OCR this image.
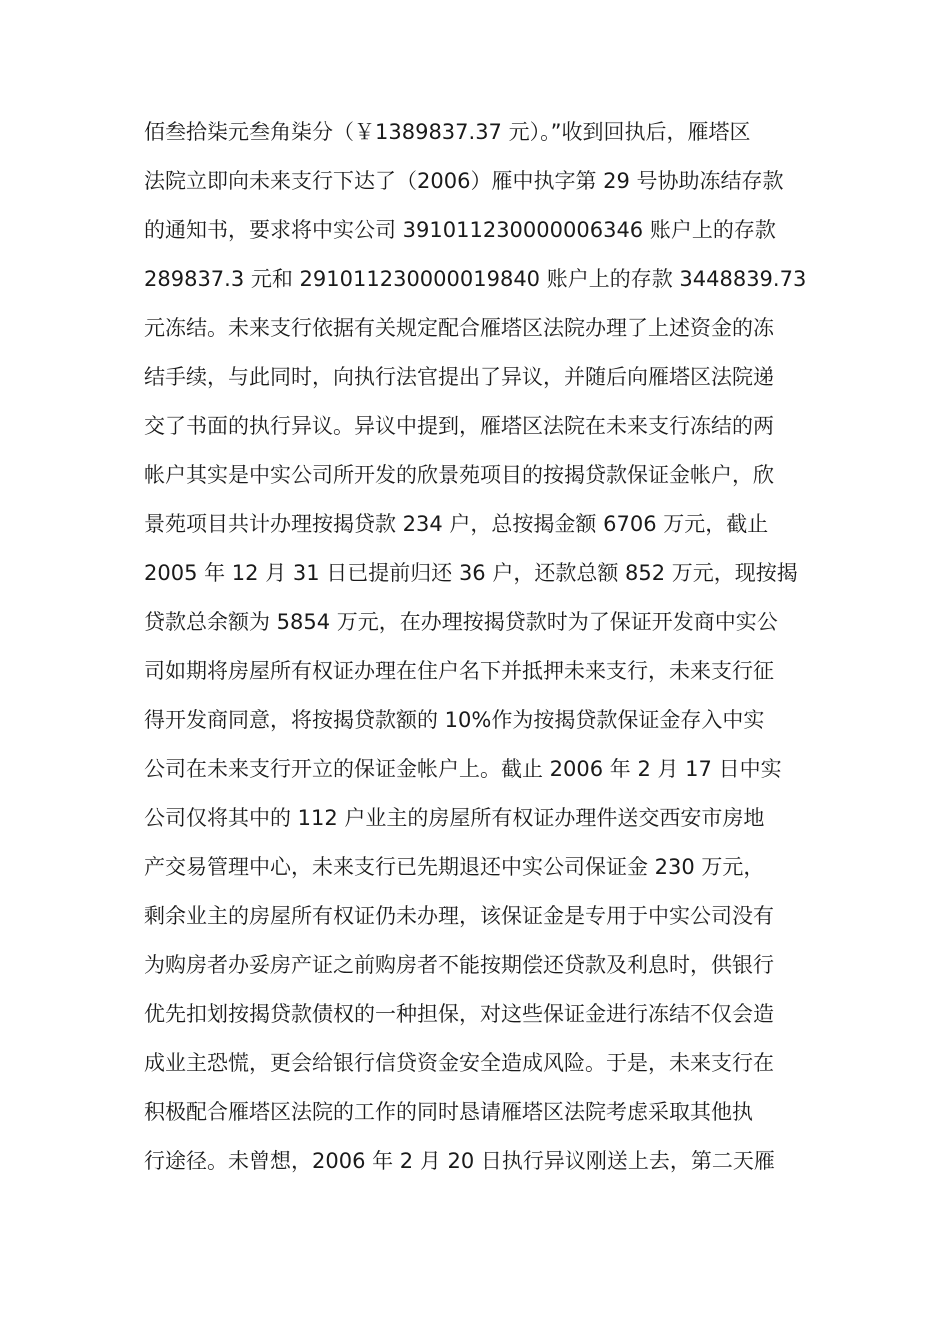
佰叁拾柒元叁角柒分（￥1389837.37 元）。”收到回执后，雁塔区
法院立即向未来支行下达了（2006）雁中执字第 29 号协助冻结存款
的通知书，要求将中实公司 391011230000006346 账户上的存款
289837.3 元和 291011230000019840 账户上的存款 3448839.73
元冻结。未来支行依据有关规定配合雁塔区法院办理了上述资金的冻
结手续，与此同时，向执行法官提出了异议，并随后向雁塔区法院递
交了书面的执行异议。异议中提到，雁塔区法院在未来支行冻结的两
帐户其实是中实公司所开发的欣景苑项目的按揭贷款保证金帐户，欣
景苑项目共计办理按揭贷款 234 户，总按揭金额 6706 万元，截止
2005 年 12 月 31 日已提前归还 36 户，还款总额 852 万元，现按揭
贷款总余额为 5854 万元，在办理按揭贷款时为了保证开发商中实公
司如期将房屋所有权证办理在住户名下并抵押未来支行，未来支行征
得开发商同意，将按揭贷款额的 10%作为按揭贷款保证金存入中实
公司在未来支行开立的保证金帐户上。截止 2006 年 2 月 17 日中实
公司仅将其中的 112 户业主的房屋所有权证办理件送交西安市房地
产交易管理中心，未来支行已先期退还中实公司保证金 230 万元，
剩余业主的房屋所有权证仍未办理，该保证金是专用于中实公司没有
为购房者办妥房产证之前购房者不能按期偿还贷款及利息时，供银行
优先扣划按揭贷款债权的一种担保，对这些保证金进行冻结不仅会造
成业主恐慌，更会给银行信贷资金安全造成风险。于是，未来支行在
积极配合雁塔区法院的工作的同时恳请雁塔区法院考虑采取其他执
行途径。未曾想，2006 年 2 月 20 日执行异议刚送上去，第二天雁
